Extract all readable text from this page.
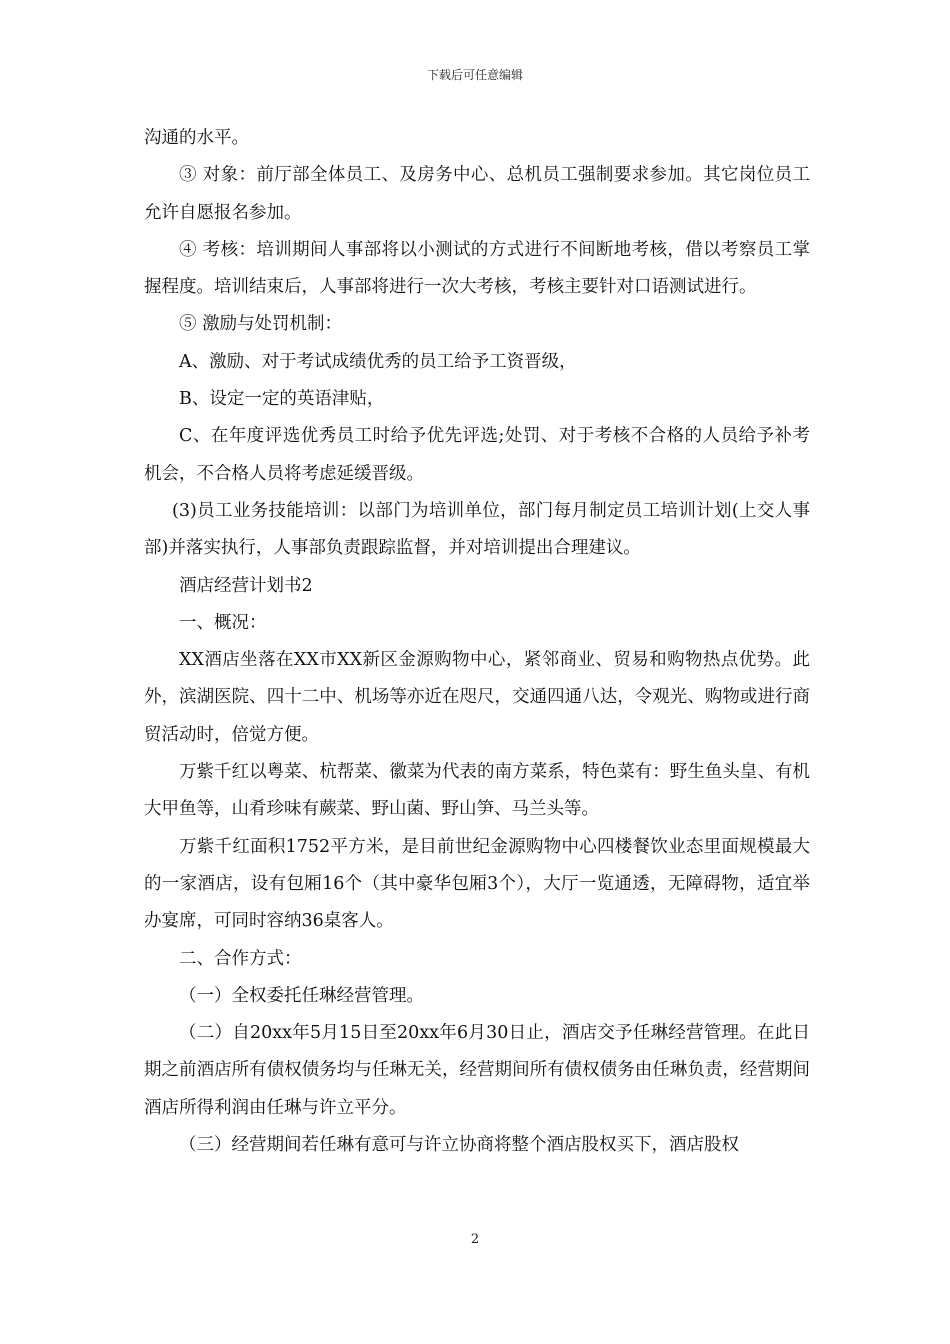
下载后可任意编辑

沟通的水平。

③ 对象：前厅部全体员工、及房务中心、总机员工强制要求参加。其它岗位员工允许自愿报名参加。

④ 考核：培训期间人事部将以小测试的方式进行不间断地考核，借以考察员工掌握程度。培训结束后，人事部将进行一次大考核，考核主要针对口语测试进行。

⑤ 激励与处罚机制：

A、激励、对于考试成绩优秀的员工给予工资晋级，

B、设定一定的英语津贴，

C、在年度评选优秀员工时给予优先评选;处罚、对于考核不合格的人员给予补考机会，不合格人员将考虑延缓晋级。

(3)员工业务技能培训：以部门为培训单位，部门每月制定员工培训计划(上交人事部)并落实执行，人事部负责跟踪监督，并对培训提出合理建议。

酒店经营计划书2

一、概况：

XX酒店坐落在XX市XX新区金源购物中心，紧邻商业、贸易和购物热点优势。此外，滨湖医院、四十二中、机场等亦近在咫尺，交通四通八达，令观光、购物或进行商贸活动时，倍觉方便。

万紫千红以粤菜、杭帮菜、徽菜为代表的南方菜系，特色菜有：野生鱼头皇、有机大甲鱼等，山肴珍味有蕨菜、野山菌、野山笋、马兰头等。

万紫千红面积1752平方米，是目前世纪金源购物中心四楼餐饮业态里面规模最大的一家酒店，设有包厢16个（其中豪华包厢3个），大厅一览通透，无障碍物，适宜举办宴席，可同时容纳36桌客人。

二、合作方式：

（一）全权委托任琳经营管理。

（二）自20xx年5月15日至20xx年6月30日止，酒店交予任琳经营管理。在此日期之前酒店所有债权债务均与任琳无关，经营期间所有债权债务由任琳负责，经营期间酒店所得利润由任琳与许立平分。

（三）经营期间若任琳有意可与许立协商将整个酒店股权买下，酒店股权

2
